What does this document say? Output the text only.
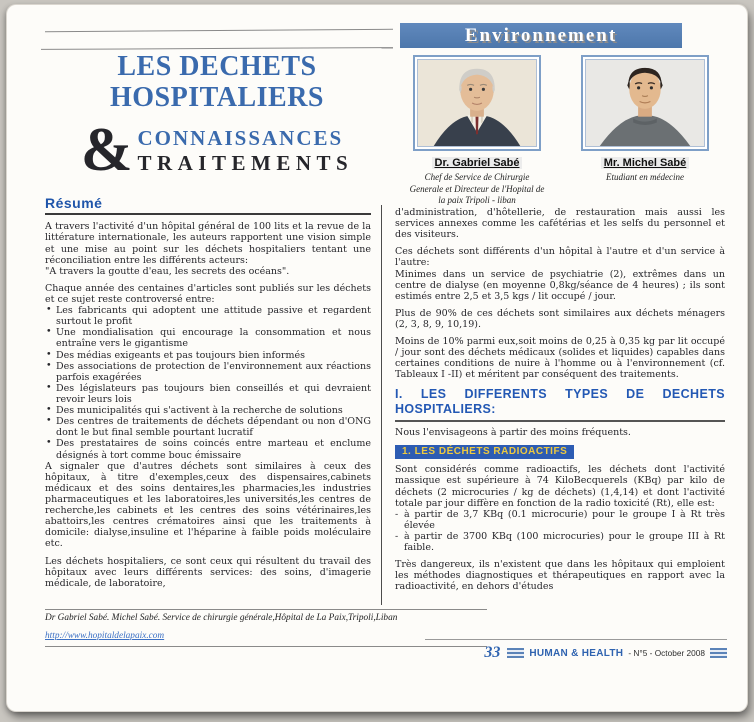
LES DECHETS
HOSPITALIERS
& CONNAISSANCES
TRAITEMENTS
Environnement
Dr. Gabriel Sabé
Chef de Service de Chirurgie Generale et Directeur de l'Hopital de la paix Tripoli - liban
Mr. Michel Sabé
Etudiant en médecine
Résumé

A travers l'activité d'un hôpital général de 100 lits et la revue de la littérature internationale, les auteurs rapportent une vision simple et une mise au point sur les déchets hospitaliers tentant une réconciliation entre les différents acteurs:

"A travers la goutte d'eau, les secrets des océans".

Chaque année des centaines d'articles sont publiés sur les déchets et ce sujet reste controversé entre:

• Les fabricants qui adoptent une attitude passive et regardent surtout le profit
• Une mondialisation qui encourage la consommation et nous entraîne vers le gigantisme
• Des médias exigeants et pas toujours bien informés
• Des associations de protection de l'environnement aux réactions parfois exagérées
• Des législateurs pas toujours bien conseillés et qui devraient revoir leurs lois
• Des municipalités qui s'activent à la recherche de solutions
• Des centres de traitements de déchets dépendant ou non d'ONG dont le but final semble pourtant lucratif
• Des prestataires de soins coincés entre marteau et enclume désignés à tort comme bouc émissaire

A signaler que d'autres déchets sont similaires à ceux des hôpitaux, à titre d'exemples,ceux des dispensaires,cabinets médicaux et des soins dentaires,les pharmacies,les industries pharmaceutiques et les laboratoires,les universités,les centres de recherche,les cabinets et les centres des soins vétérinaires,les abattoirs,les centres crématoires ainsi que les traitements à domicile: dialyse,insuline et l'héparine à faible poids moléculaire etc.

Les déchets hospitaliers, ce sont ceux qui résultent du travail des hôpitaux avec leurs différents services: des soins, d'imagerie médicale, de laboratoire,

d'administration, d'hôtellerie, de restauration mais aussi les services annexes comme les cafétérias et les selfs du personnel et des visiteurs.

Ces déchets sont différents d'un hôpital à l'autre et d'un service à l'autre:

Minimes dans un service de psychiatrie (2), extrêmes dans un centre de dialyse (en moyenne 0,8kg/séance de 4 heures) ; ils sont estimés entre 2,5 et 3,5 kgs / lit occupé / jour.

Plus de 90% de ces déchets sont similaires aux déchets ménagers (2, 3, 8, 9, 10,19).

Moins de 10% parmi eux,soit moins de 0,25 à 0,35 kg par lit occupé / jour sont des déchets médicaux (solides et liquides) capables dans certaines conditions de nuire à l'homme ou à l'environnement (cf. Tableaux I -II) et méritent par conséquent des traitements.

I. LES DIFFERENTS TYPES DE DECHETS HOSPITALIERS:

Nous l'envisageons à partir des moins fréquents.

1. LES DÉCHETS RADIOACTIFS

Sont considérés comme radioactifs, les déchets dont l'activité massique est supérieure à 74 KiloBecquerels (KBq) par kilo de déchets (2 microcuries / kg de déchets) (1,4,14) et dont l'activité totale par jour diffère en fonction de la radio toxicité (Rt), elle est:

- à partir de 3,7 KBq (0.1 microcurie) pour le groupe I à Rt très élevée
- à partir de 3700 KBq (100 microcuries) pour le groupe III à Rt faible.

Très dangereux, ils n'existent que dans les hôpitaux qui emploient les méthodes diagnostiques et thérapeutiques en rapport avec la radioactivité, en dehors d'études

Dr Gabriel Sabé. Michel Sabé. Service de chirurgie générale,Hôpital de La Paix,Tripoli,Liban
http://www.hopitaldelapaix.com
33	HUMAN & HEALTH - N°5 - October 2008
